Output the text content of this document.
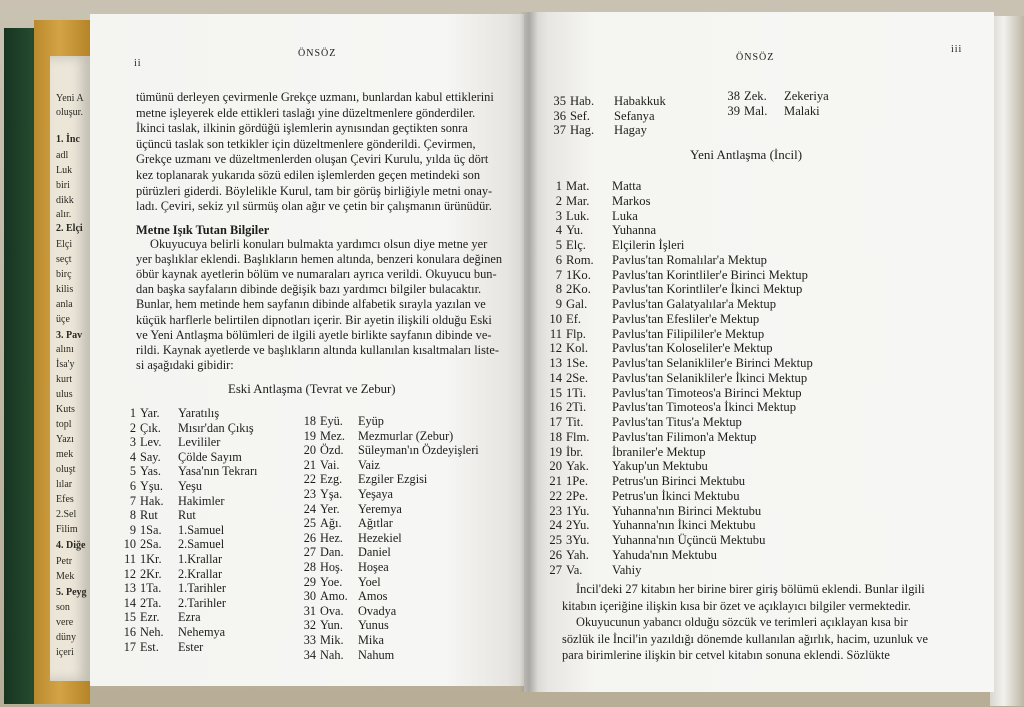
Yeni A
oluşur.
1. İnc
adl
Luk
biri
dikk
alır.
2. Elçi
Elçi
seçt
birç
kilis
anla
üçe
3. Pav
alını
İsa'y
kurt
ulus
Kuts
topl
Yazı
mek
oluşt
lılar
Efes
2.Sel
Filim
4. Diğe
Petr
Mek
5. Peyg
son
vere
düny
içeri
ii
ÖNSÖZ
tümünü derleyen çevirmenle Grekçe uzmanı, bunlardan kabul ettiklerini
metne işleyerek elde ettikleri taslağı yine düzeltmenlere gönderdiler.
İkinci taslak, ilkinin gördüğü işlemlerin aynısından geçtikten sonra
üçüncü taslak son tetkikler için düzeltmenlere gönderildi. Çevirmen,
Grekçe uzmanı ve düzeltmenlerden oluşan Çeviri Kurulu, yılda üç dört
kez toplanarak yukarıda sözü edilen işlemlerden geçen metindeki son
pürüzleri giderdi. Böylelikle Kurul, tam bir görüş birliğiyle metni onay-
ladı. Çeviri, sekiz yıl sürmüş olan ağır ve çetin bir çalışmanın ürünüdür.
Metne Işık Tutan Bilgiler
Okuyucuya belirli konuları bulmakta yardımcı olsun diye metne yer
yer başlıklar eklendi. Başlıkların hemen altında, benzeri konulara değinen
öbür kaynak ayetlerin bölüm ve numaraları ayrıca verildi. Okuyucu bun-
dan başka sayfaların dibinde değişik bazı yardımcı bilgiler bulacaktır.
Bunlar, hem metinde hem sayfanın dibinde alfabetik sırayla yazılan ve
küçük harflerle belirtilen dipnotları içerir. Bir ayetin ilişkili olduğu Eski
ve Yeni Antlaşma bölümleri de ilgili ayetle birlikte sayfanın dibinde ve-
rildi. Kaynak ayetlerde ve başlıkların altında kullanılan kısaltmaları liste-
si aşağıdaki gibidir:
Eski Antlaşma (Tevrat ve Zebur)
1 Yar. Yaratılış
2 Çık. Mısır'dan Çıkış
3 Lev. Levililer
4 Say. Çölde Sayım
5 Yas. Yasa'nın Tekrarı
6 Yşu. Yeşu
7 Hak. Hakimler
8 Rut Rut
9 1Sa. 1.Samuel
10 2Sa. 2.Samuel
11 1Kr. 1.Krallar
12 2Kr. 2.Krallar
13 1Ta. 1.Tarihler
14 2Ta. 2.Tarihler
15 Ezr. Ezra
16 Neh. Nehemya
17 Est. Ester
18 Eyü. Eyüp
19 Mez. Mezmurlar (Zebur)
20 Özd. Süleyman'ın Özdeyişleri
21 Vai. Vaiz
22 Ezg. Ezgiler Ezgisi
23 Yşa. Yeşaya
24 Yer. Yeremya
25 Ağı. Ağıtlar
26 Hez. Hezekiel
27 Dan. Daniel
28 Hoş. Hoşea
29 Yoe. Yoel
30 Amo. Amos
31 Ova. Ovadya
32 Yun. Yunus
33 Mik. Mika
34 Nah. Nahum
ÖNSÖZ
iii
35 Hab. Habakkuk
36 Sef. Sefanya
37 Hag. Hagay
38 Zek. Zekeriya
39 Mal. Malaki
Yeni Antlaşma (İncil)
1 Mat. Matta
2 Mar. Markos
3 Luk. Luka
4 Yu. Yuhanna
5 Elç. Elçilerin İşleri
6 Rom. Pavlus'tan Romalılar'a Mektup
7 1Ko. Pavlus'tan Korintliler'e Birinci Mektup
8 2Ko. Pavlus'tan Korintliler'e İkinci Mektup
9 Gal. Pavlus'tan Galatyalılar'a Mektup
10 Ef. Pavlus'tan Efesliler'e Mektup
11 Flp. Pavlus'tan Filipililer'e Mektup
12 Kol. Pavlus'tan Koloseliler'e Mektup
13 1Se. Pavlus'tan Selanikliler'e Birinci Mektup
14 2Se. Pavlus'tan Selanikliler'e İkinci Mektup
15 1Ti. Pavlus'tan Timoteos'a Birinci Mektup
16 2Ti. Pavlus'tan Timoteos'a İkinci Mektup
17 Tit. Pavlus'tan Titus'a Mektup
18 Flm. Pavlus'tan Filimon'a Mektup
19 İbr. İbraniler'e Mektup
20 Yak. Yakup'un Mektubu
21 1Pe. Petrus'un Birinci Mektubu
22 2Pe. Petrus'un İkinci Mektubu
23 1Yu. Yuhanna'nın Birinci Mektubu
24 2Yu. Yuhanna'nın İkinci Mektubu
25 3Yu. Yuhanna'nın Üçüncü Mektubu
26 Yah. Yahuda'nın Mektubu
27 Va. Vahiy
İncil'deki 27 kitabın her birine birer giriş bölümü eklendi. Bunlar ilgili
kitabın içeriğine ilişkin kısa bir özet ve açıklayıcı bilgiler vermektedir.
Okuyucunun yabancı olduğu sözcük ve terimleri açıklayan kısa bir
sözlük ile İncil'in yazıldığı dönemde kullanılan ağırlık, hacim, uzunluk ve
para birimlerine ilişkin bir cetvel kitabın sonuna eklendi. Sözlükte
